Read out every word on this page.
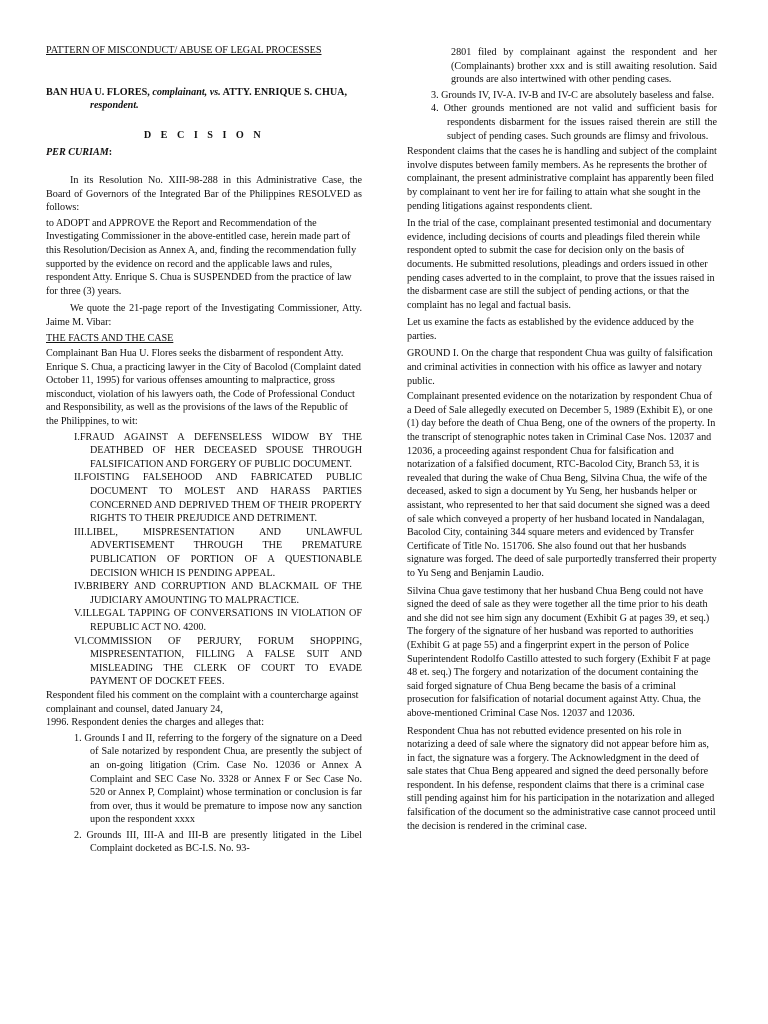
PATTERN OF MISCONDUCT/ ABUSE OF LEGAL PROCESSES

BAN HUA U. FLORES, complainant, vs. ATTY. ENRIQUE S. CHUA, respondent.

D E C I S I O N

PER CURIAM:

In its Resolution No. XIII-98-288 in this Administrative Case, the Board of Governors of the Integrated Bar of the Philippines RESOLVED as follows:

to ADOPT and APPROVE the Report and Recommendation of the Investigating Commissioner in the above-entitled case, herein made part of this Resolution/Decision as Annex A, and, finding the recommendation fully supported by the evidence on record and the applicable laws and rules, respondent Atty. Enrique S. Chua is SUSPENDED from the practice of law for three (3) years.

We quote the 21-page report of the Investigating Commissioner, Atty. Jaime M. Vibar:

THE FACTS AND THE CASE

Complainant Ban Hua U. Flores seeks the disbarment of respondent Atty. Enrique S. Chua, a practicing lawyer in the City of Bacolod (Complaint dated October 11, 1995) for various offenses amounting to malpractice, gross misconduct, violation of his lawyers oath, the Code of Professional Conduct and Responsibility, as well as the provisions of the laws of the Republic of the Philippines, to wit:

I.FRAUD AGAINST A DEFENSELESS WIDOW BY THE DEATHBED OF HER DECEASED SPOUSE THROUGH FALSIFICATION AND FORGERY OF PUBLIC DOCUMENT.
II.FOISTING FALSEHOOD AND FABRICATED PUBLIC DOCUMENT TO MOLEST AND HARASS PARTIES CONCERNED AND DEPRIVED THEM OF THEIR PROPERTY RIGHTS TO THEIR PREJUDICE AND DETRIMENT.
III.LIBEL, MISPRESENTATION AND UNLAWFUL ADVERTISEMENT THROUGH THE PREMATURE PUBLICATION OF PORTION OF A QUESTIONABLE DECISION WHICH IS PENDING APPEAL.
IV.BRIBERY AND CORRUPTION AND BLACKMAIL OF THE JUDICIARY AMOUNTING TO MALPRACTICE.
V.ILLEGAL TAPPING OF CONVERSATIONS IN VIOLATION OF REPUBLIC ACT NO. 4200.
VI.COMMISSION OF PERJURY, FORUM SHOPPING, MISPRESENTATION, FILLING A FALSE SUIT AND MISLEADING THE CLERK OF COURT TO EVADE PAYMENT OF DOCKET FEES.

Respondent filed his comment on the complaint with a countercharge against complainant and counsel, dated January 24,
1996. Respondent denies the charges and alleges that:

1. Grounds I and II, referring to the forgery of the signature on a Deed of Sale notarized by respondent Chua, are presently the subject of an on-going litigation (Crim. Case No. 12036 or Annex A Complaint and SEC Case No. 3328 or Annex F or Sec Case No. 520 or Annex P, Complaint) whose termination or conclusion is far from over, thus it would be premature to impose now any sanction upon the respondent xxxx
2. Grounds III, III-A and III-B are presently litigated in the Libel Complaint docketed as BC-I.S. No. 93-

2801 filed by complainant against the respondent and her (Complainants) brother xxx and is still awaiting resolution. Said grounds are also intertwined with other pending cases.

3. Grounds IV, IV-A. IV-B and IV-C are absolutely baseless and false.
4. Other grounds mentioned are not valid and sufficient basis for respondents disbarment for the issues raised therein are still the subject of pending cases. Such grounds are flimsy and frivolous.

Respondent claims that the cases he is handling and subject of the complaint involve disputes between family members. As he represents the brother of complainant, the present administrative complaint has apparently been filed by complainant to vent her ire for failing to attain what she sought in the pending litigations against respondents client.

In the trial of the case, complainant presented testimonial and documentary evidence, including decisions of courts and pleadings filed therein while respondent opted to submit the case for decision only on the basis of documents. He submitted resolutions, pleadings and orders issued in other pending cases adverted to in the complaint, to prove that the issues raised in the disbarment case are still the subject of pending actions, or that the complaint has no legal and factual basis.

Let us examine the facts as established by the evidence adduced by the parties.

GROUND I. On the charge that respondent Chua was guilty of falsification and criminal activities in connection with his office as lawyer and notary public.

Complainant presented evidence on the notarization by respondent Chua of a Deed of Sale allegedly executed on December 5, 1989 (Exhibit E), or one (1) day before the death of Chua Beng, one of the owners of the property. In the transcript of stenographic notes taken in Criminal Case Nos. 12037 and 12036, a proceeding against respondent Chua for falsification and notarization of a falsified document, RTC-Bacolod City, Branch 53, it is revealed that during the wake of Chua Beng, Silvina Chua, the wife of the deceased, asked to sign a document by Yu Seng, her husbands helper or assistant, who represented to her that said document she signed was a deed of sale which conveyed a property of her husband located in Nandalagan, Bacolod City, containing 344 square meters and evidenced by Transfer Certificate of Title No. 151706. She also found out that her husbands signature was forged. The deed of sale purportedly transferred their property to Yu Seng and Benjamin Laudio.

Silvina Chua gave testimony that her husband Chua Beng could not have signed the deed of sale as they were together all the time prior to his death and she did not see him sign any document (Exhibit G at pages 39, et seq.) The forgery of the signature of her husband was reported to authorities (Exhibit G at page 55) and a fingerprint expert in the person of Police Superintendent Rodolfo Castillo attested to such forgery (Exhibit F at page 48 et. seq.) The forgery and notarization of the document containing the said forged signature of Chua Beng became the basis of a criminal prosecution for falsification of notarial document against Atty. Chua, the above-mentioned Criminal Case Nos. 12037 and 12036.

Respondent Chua has not rebutted evidence presented on his role in notarizing a deed of sale where the signatory did not appear before him as, in fact, the signature was a forgery. The Acknowledgment in the deed of sale states that Chua Beng appeared and signed the deed personally before respondent. In his defense, respondent claims that there is a criminal case still pending against him for his participation in the notarization and alleged falsification of the document so the administrative case cannot proceed until the decision is rendered in the criminal case.
